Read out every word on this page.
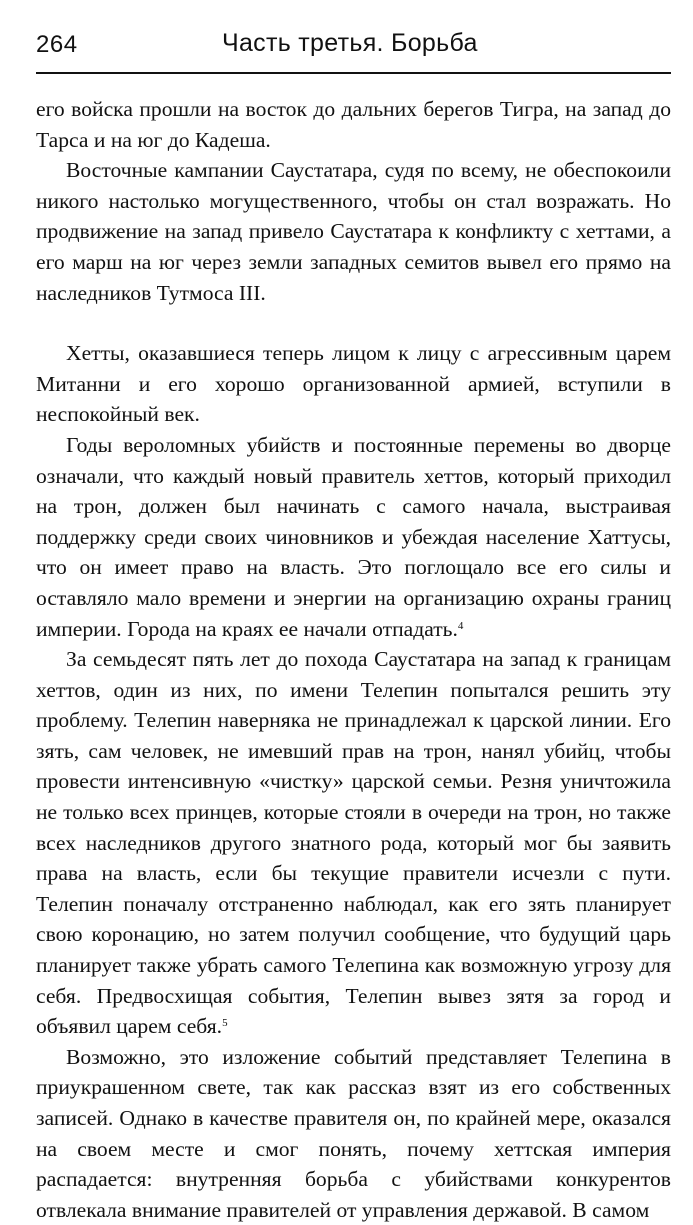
264	Часть третья. Борьба

его войска прошли на восток до дальних берегов Тигра, на запад до Тарса и на юг до Кадеша.

Восточные кампании Саустатара, судя по всему, не обеспокоили никого настолько могущественного, чтобы он стал возражать. Но продвижение на запад привело Саустатара к конфликту с хеттами, а его марш на юг через земли западных семитов вывел его прямо на наследников Тутмоса III.

Хетты, оказавшиеся теперь лицом к лицу с агрессивным царем Митанни и его хорошо организованной армией, вступили в неспокойный век.

Годы вероломных убийств и постоянные перемены во дворце означали, что каждый новый правитель хеттов, который приходил на трон, должен был начинать с самого начала, выстраивая поддержку среди своих чиновников и убеждая население Хаттусы, что он имеет право на власть. Это поглощало все его силы и оставляло мало времени и энергии на организацию охраны границ империи. Города на краях ее начали отпадать.$^4$

За семьдесят пять лет до похода Саустатара на запад к границам хеттов, один из них, по имени Телепин попытался решить эту проблему. Телепин наверняка не принадлежал к царской линии. Его зять, сам человек, не имевший прав на трон, нанял убийц, чтобы провести интенсивную «чистку» царской семьи. Резня уничтожила не только всех принцев, которые стояли в очереди на трон, но также всех наследников другого знатного рода, который мог бы заявить права на власть, если бы текущие правители исчезли с пути. Телепин поначалу отстраненно наблюдал, как его зять планирует свою коронацию, но затем получил сообщение, что будущий царь планирует также убрать самого Телепина как возможную угрозу для себя. Предвосхищая события, Телепин вывез зятя за город и объявил царем себя.$^5$

Возможно, это изложение событий представляет Телепина в приукрашенном свете, так как рассказ взят из его собственных записей. Однако в качестве правителя он, по крайней мере, оказался на своем месте и смог понять, почему хеттская империя распадается: внутренняя борьба с убийствами конкурентов отвлекала внимание правителей от управления державой. В самом
